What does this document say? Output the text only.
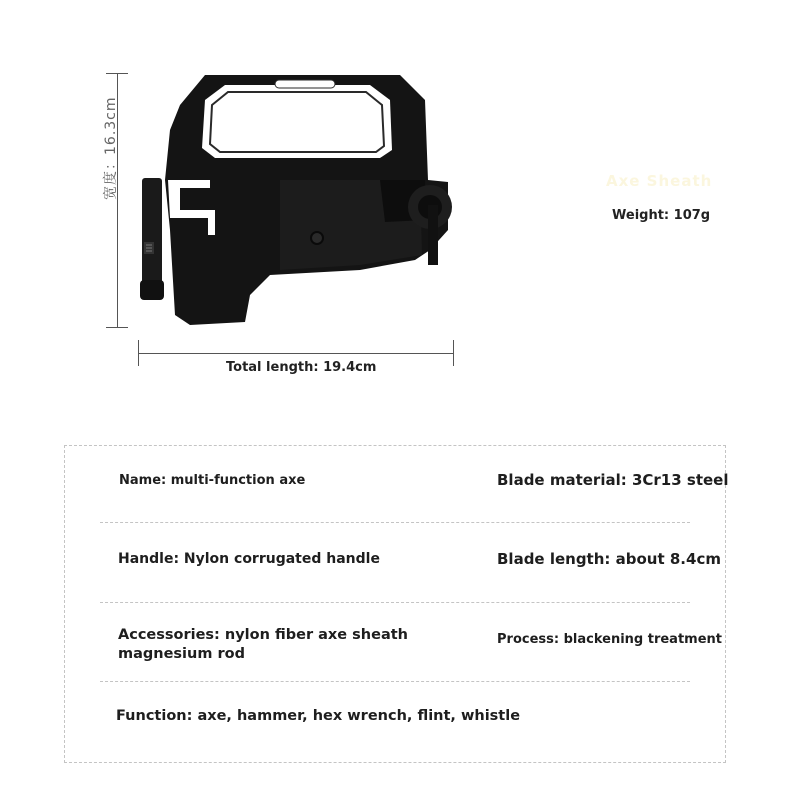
宽度：16.3cm
Total length: 19.4cm
Axe Sheath
Weight: 107g
Name: multi-function axe	Blade material: 3Cr13 steel
Handle: Nylon corrugated handle	Blade length: about 8.4cm
Accessories: nylon fiber axe sheath
magnesium rod
Process: blackening treatment
Function: axe, hammer, hex wrench, flint, whistle
